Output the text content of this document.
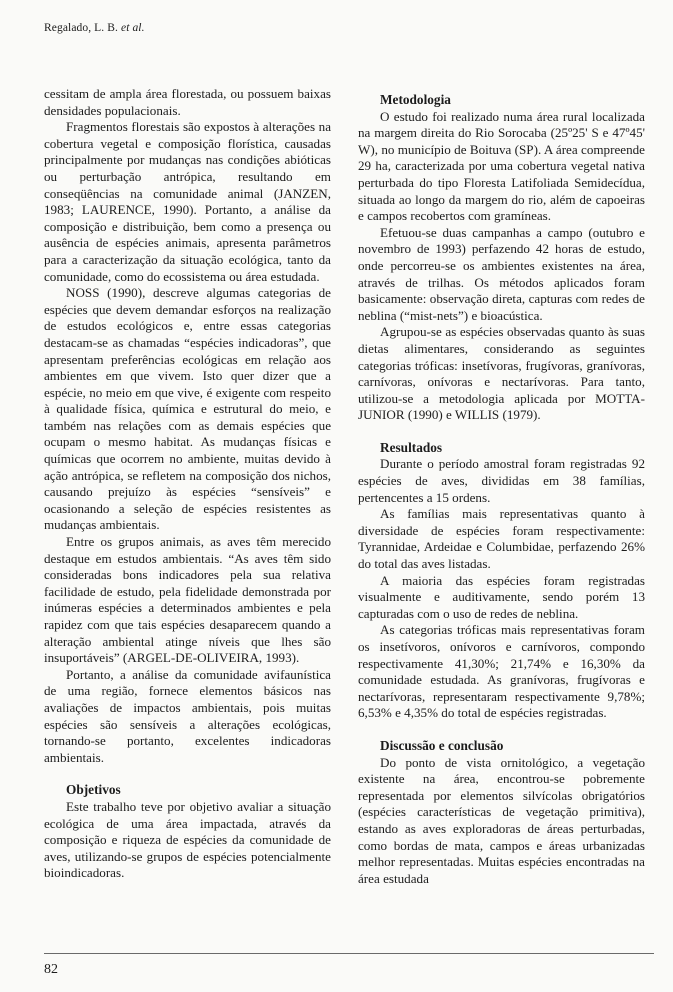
Regalado, L. B. et al.

cessitam de ampla área florestada, ou possuem baixas densidades populacionais.

Fragmentos florestais são expostos à alterações na cobertura vegetal e composição florística, causadas principalmente por mudanças nas condições abióticas ou perturbação antrópica, resultando em conseqüências na comunidade animal (JANZEN, 1983; LAURENCE, 1990). Portanto, a análise da composição e distribuição, bem como a presença ou ausência de espécies animais, apresenta parâmetros para a caracterização da situação ecológica, tanto da comunidade, como do ecossistema ou área estudada.

NOSS (1990), descreve algumas categorias de espécies que devem demandar esforços na realização de estudos ecológicos e, entre essas categorias destacam-se as chamadas “espécies indicadoras”, que apresentam preferências ecológicas em relação aos ambientes em que vivem. Isto quer dizer que a espécie, no meio em que vive, é exigente com respeito à qualidade física, química e estrutural do meio, e também nas relações com as demais espécies que ocupam o mesmo habitat. As mudanças físicas e químicas que ocorrem no ambiente, muitas devido à ação antrópica, se refletem na composição dos nichos, causando prejuízo às espécies “sensíveis” e ocasionando a seleção de espécies resistentes as mudanças ambientais.

Entre os grupos animais, as aves têm merecido destaque em estudos ambientais. “As aves têm sido consideradas bons indicadores pela sua relativa facilidade de estudo, pela fidelidade demonstrada por inúmeras espécies a determinados ambientes e pela rapidez com que tais espécies desaparecem quando a alteração ambiental atinge níveis que lhes são insuportáveis” (ARGEL-DE-OLIVEIRA, 1993).

Portanto, a análise da comunidade avifaunística de uma região, fornece elementos básicos nas avaliações de impactos ambientais, pois muitas espécies são sensíveis a alterações ecológicas, tornando-se portanto, excelentes indicadoras ambientais.

Objetivos

Este trabalho teve por objetivo avaliar a situação ecológica de uma área impactada, através da composição e riqueza de espécies da comunidade de aves, utilizando-se grupos de espécies potencialmente bioindicadoras.

Metodologia

O estudo foi realizado numa área rural localizada na margem direita do Rio Sorocaba (25º25' S e 47º45' W), no município de Boituva (SP). A área compreende 29 ha, caracterizada por uma cobertura vegetal nativa perturbada do tipo Floresta Latifoliada Semidecídua, situada ao longo da margem do rio, além de capoeiras e campos recobertos com gramíneas.

Efetuou-se duas campanhas a campo (outubro e novembro de 1993) perfazendo 42 horas de estudo, onde percorreu-se os ambientes existentes na área, através de trilhas. Os métodos aplicados foram basicamente: observação direta, capturas com redes de neblina (“mist-nets”) e bioacústica.

Agrupou-se as espécies observadas quanto às suas dietas alimentares, considerando as seguintes categorias tróficas: insetívoras, frugívoras, granívoras, carnívoras, onívoras e nectarívoras. Para tanto, utilizou-se a metodologia aplicada por MOTTA-JUNIOR (1990) e WILLIS (1979).

Resultados

Durante o período amostral foram registradas 92 espécies de aves, divididas em 38 famílias, pertencentes a 15 ordens.

As famílias mais representativas quanto à diversidade de espécies foram respectivamente: Tyrannidae, Ardeidae e Columbidae, perfazendo 26% do total das aves listadas.

A maioria das espécies foram registradas visualmente e auditivamente, sendo porém 13 capturadas com o uso de redes de neblina.

As categorias tróficas mais representativas foram os insetívoros, onívoros e carnívoros, compondo respectivamente 41,30%; 21,74% e 16,30% da comunidade estudada. As granívoras, frugívoras e nectarívoras, representaram respectivamente 9,78%; 6,53% e 4,35% do total de espécies registradas.

Discussão e conclusão

Do ponto de vista ornitológico, a vegetação existente na área, encontrou-se pobremente representada por elementos silvícolas obrigatórios (espécies características de vegetação primitiva), estando as aves exploradoras de áreas perturbadas, como bordas de mata, campos e áreas urbanizadas melhor representadas. Muitas espécies encontradas na área estudada

82
